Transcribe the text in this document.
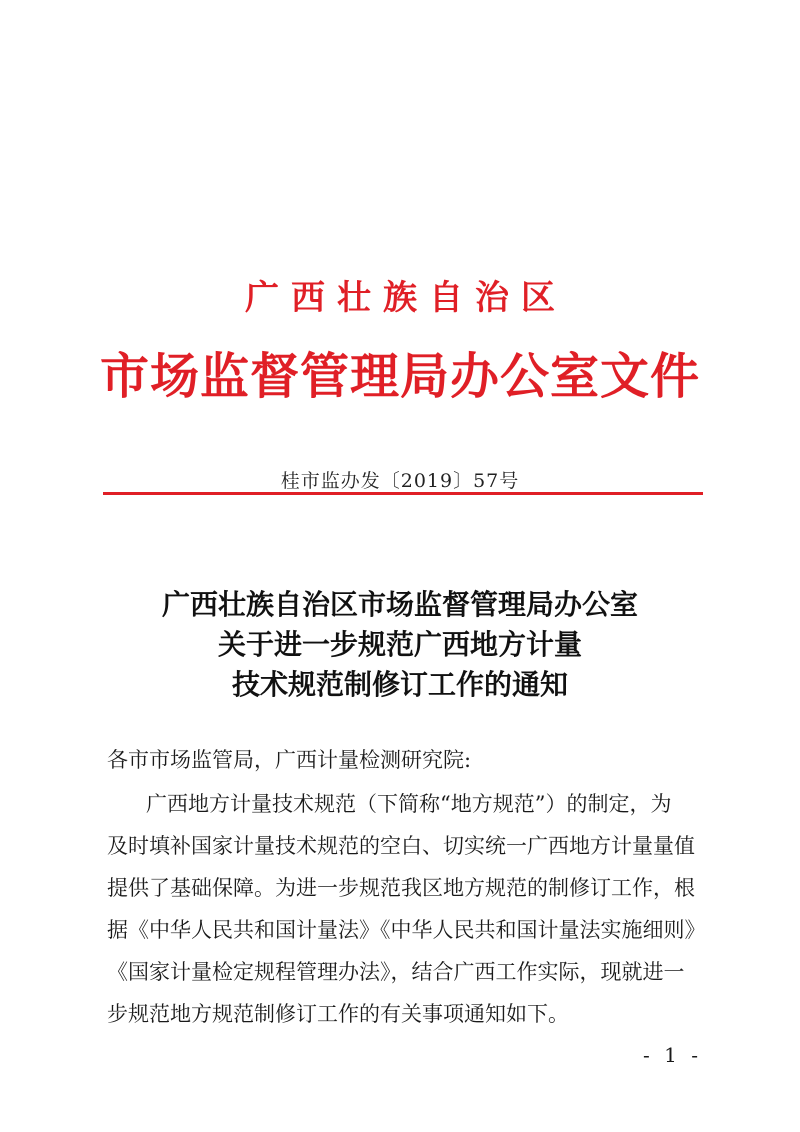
广西壮族自治区
市场监督管理局办公室文件
桂市监办发〔2019〕57号
广西壮族自治区市场监督管理局办公室
关于进一步规范广西地方计量
技术规范制修订工作的通知
各市市场监管局，广西计量检测研究院:
广西地方计量技术规范（下简称“地方规范”）的制定，为
及时填补国家计量技术规范的空白、切实统一广西地方计量量值
提供了基础保障。为进一步规范我区地方规范的制修订工作，根
据《中华人民共和国计量法》《中华人民共和国计量法实施细则》
《国家计量检定规程管理办法》，结合广西工作实际，现就进一
步规范地方规范制修订工作的有关事项通知如下。
- 1 -
